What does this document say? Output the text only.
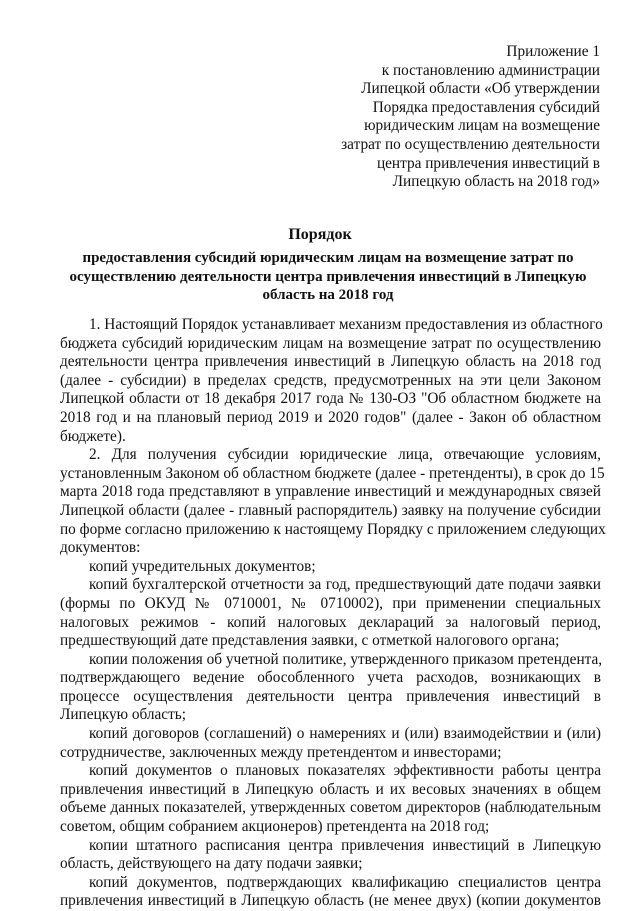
Приложение 1
к постановлению администрации
Липецкой области «Об утверждении
Порядка предоставления субсидий
юридическим лицам на возмещение
затрат по осуществлению деятельности
центра привлечения инвестиций в
Липецкую область на 2018 год»
Порядок
предоставления субсидий юридическим лицам на возмещение затрат по
осуществлению деятельности центра привлечения инвестиций в Липецкую
область на 2018 год
1. Настоящий Порядок устанавливает механизм предоставления из областного
бюджета субсидий юридическим лицам на возмещение затрат по осуществлению
деятельности центра привлечения инвестиций в Липецкую область на 2018 год
(далее - субсидии) в пределах средств, предусмотренных на эти цели Законом
Липецкой области от 18 декабря 2017 года № 130-ОЗ "Об областном бюджете на
2018 год и на плановый период 2019 и 2020 годов" (далее - Закон об областном
бюджете).
2. Для получения субсидии юридические лица, отвечающие условиям,
установленным Законом об областном бюджете (далее - претенденты), в срок до 15
марта 2018 года представляют в управление инвестиций и международных связей
Липецкой области (далее - главный распорядитель) заявку на получение субсидии
по форме согласно приложению к настоящему Порядку с приложением следующих
документов:
копий учредительных документов;
копий бухгалтерской отчетности за год, предшествующий дате подачи заявки
(формы по ОКУД № 0710001, № 0710002), при применении специальных
налоговых режимов - копий налоговых деклараций за налоговый период,
предшествующий дате представления заявки, с отметкой налогового органа;
копии положения об учетной политике, утвержденного приказом претендента,
подтверждающего ведение обособленного учета расходов, возникающих в
процессе осуществления деятельности центра привлечения инвестиций в
Липецкую область;
копий договоров (соглашений) о намерениях и (или) взаимодействии и (или)
сотрудничестве, заключенных между претендентом и инвесторами;
копий документов о плановых показателях эффективности работы центра
привлечения инвестиций в Липецкую область и их весовых значениях в общем
объеме данных показателей, утвержденных советом директоров (наблюдательным
советом, общим собранием акционеров) претендента на 2018 год;
копии штатного расписания центра привлечения инвестиций в Липецкую
область, действующего на дату подачи заявки;
копий документов, подтверждающих квалификацию специалистов центра
привлечения инвестиций в Липецкую область (не менее двух) (копии документов
